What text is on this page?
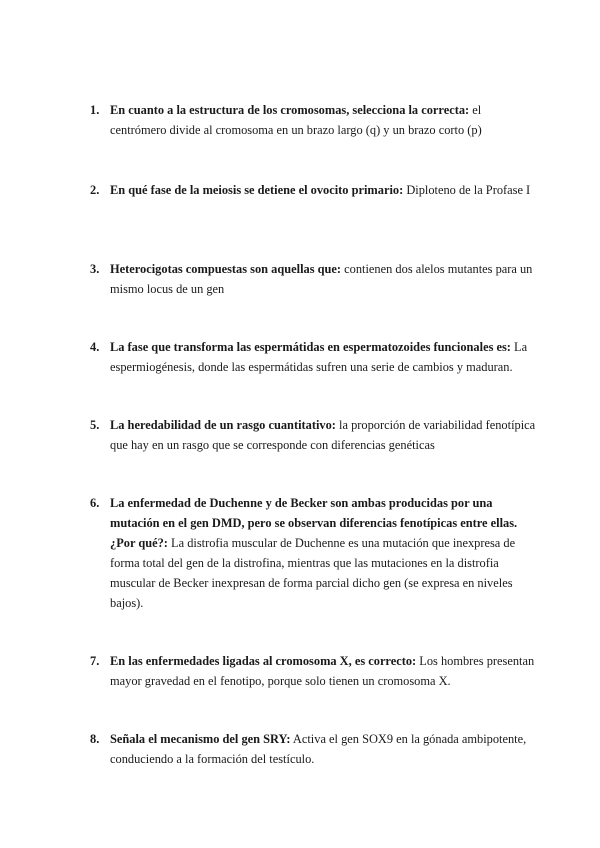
1. En cuanto a la estructura de los cromosomas, selecciona la correcta: el centrómero divide al cromosoma en un brazo largo (q) y un brazo corto (p)
2. En qué fase de la meiosis se detiene el ovocito primario: Diploteno de la Profase I
3. Heterocigotas compuestas son aquellas que: contienen dos alelos mutantes para un mismo locus de un gen
4. La fase que transforma las espermátidas en espermatozoides funcionales es: La espermiogénesis, donde las espermátidas sufren una serie de cambios y maduran.
5. La heredabilidad de un rasgo cuantitativo: la proporción de variabilidad fenotípica que hay en un rasgo que se corresponde con diferencias genéticas
6. La enfermedad de Duchenne y de Becker son ambas producidas por una mutación en el gen DMD, pero se observan diferencias fenotípicas entre ellas. ¿Por qué?: La distrofia muscular de Duchenne es una mutación que inexpresa de forma total del gen de la distrofina, mientras que las mutaciones en la distrofia muscular de Becker inexpresan de forma parcial dicho gen (se expresa en niveles bajos).
7. En las enfermedades ligadas al cromosoma X, es correcto: Los hombres presentan mayor gravedad en el fenotipo, porque solo tienen un cromosoma X.
8. Señala el mecanismo del gen SRY: Activa el gen SOX9 en la gónada ambipotente, conduciendo a la formación del testículo.
